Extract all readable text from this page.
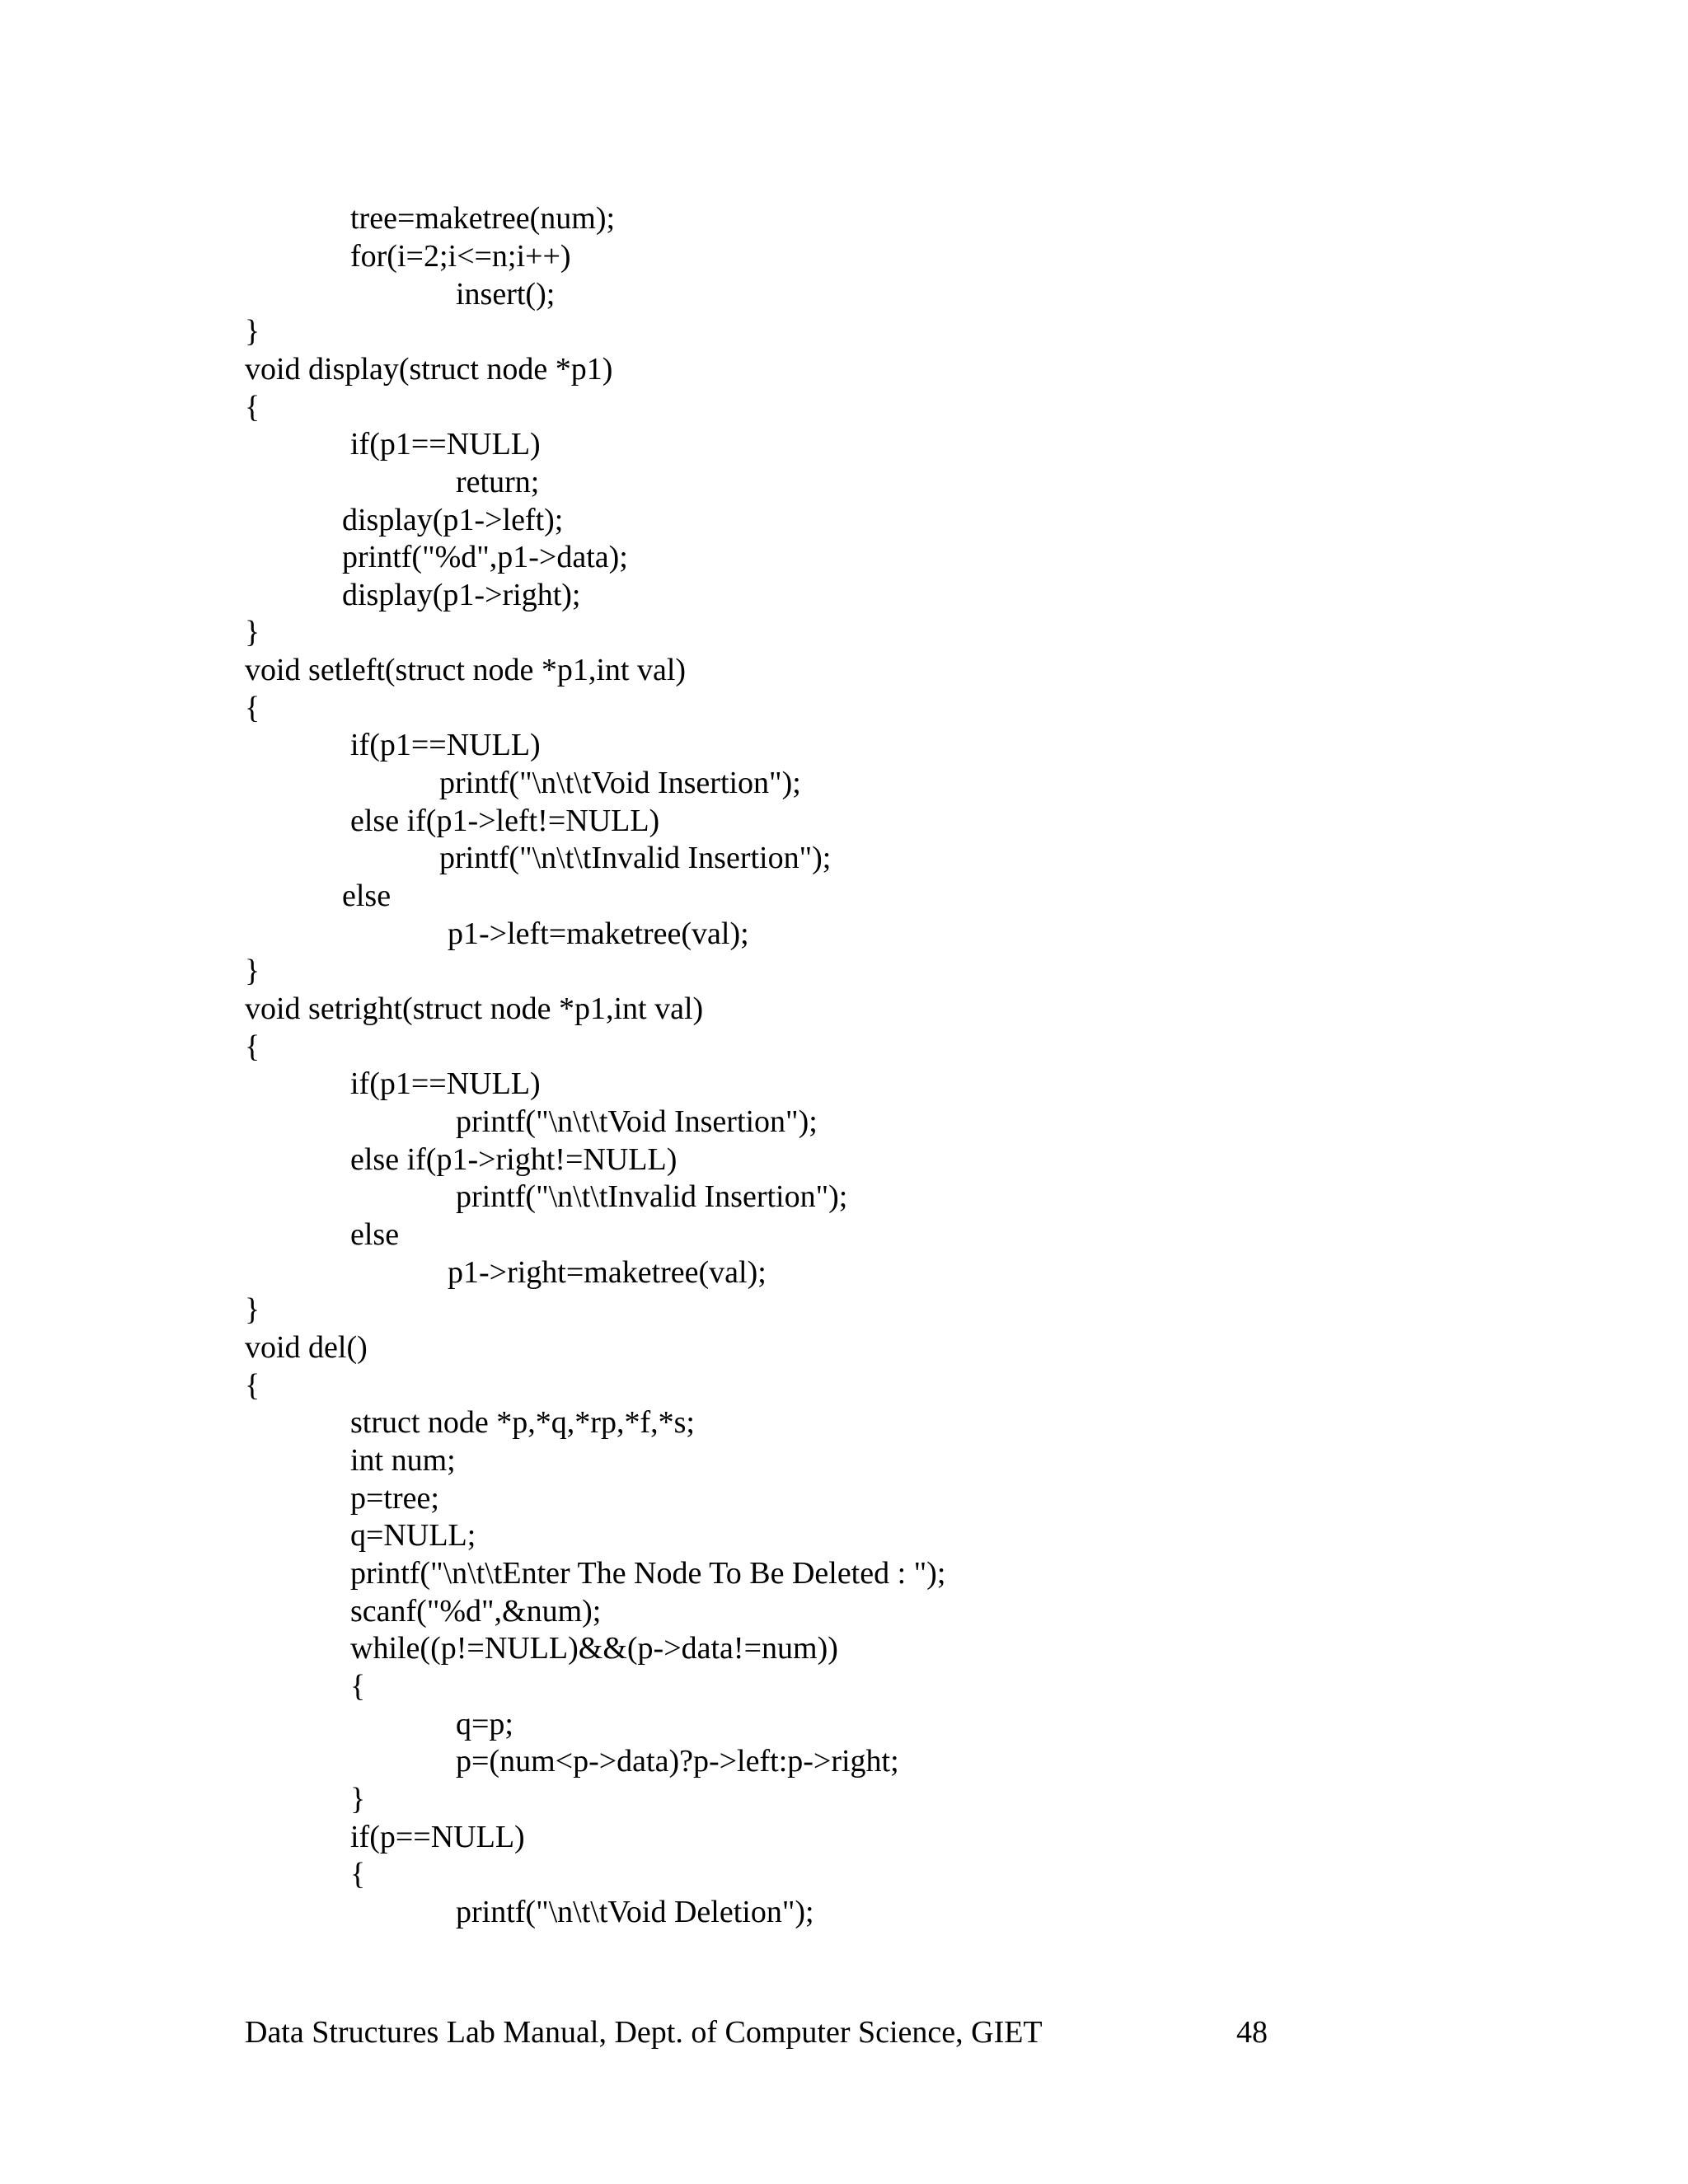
tree=maketree(num);
for(i=2;i<=n;i++)
insert();
}
void display(struct node *p1)
{
if(p1==NULL)
return;
display(p1->left);
printf("%d",p1->data);
display(p1->right);
}
void setleft(struct node *p1,int val)
{
if(p1==NULL)
printf("\n\t\tVoid Insertion");
else if(p1->left!=NULL)
printf("\n\t\tInvalid Insertion");
else
p1->left=maketree(val);
}
void setright(struct node *p1,int val)
{
if(p1==NULL)
printf("\n\t\tVoid Insertion");
else if(p1->right!=NULL)
printf("\n\t\tInvalid Insertion");
else
p1->right=maketree(val);
}
void del()
{
struct node *p,*q,*rp,*f,*s;
int num;
p=tree;
q=NULL;
printf("\n\t\tEnter The Node To Be Deleted : ");
scanf("%d",&num);
while((p!=NULL)&&(p->data!=num))
{
q=p;
p=(num<p->data)?p->left:p->right;
}
if(p==NULL)
{
printf("\n\t\tVoid Deletion");
Data Structures Lab Manual, Dept. of Computer Science, GIET	48
